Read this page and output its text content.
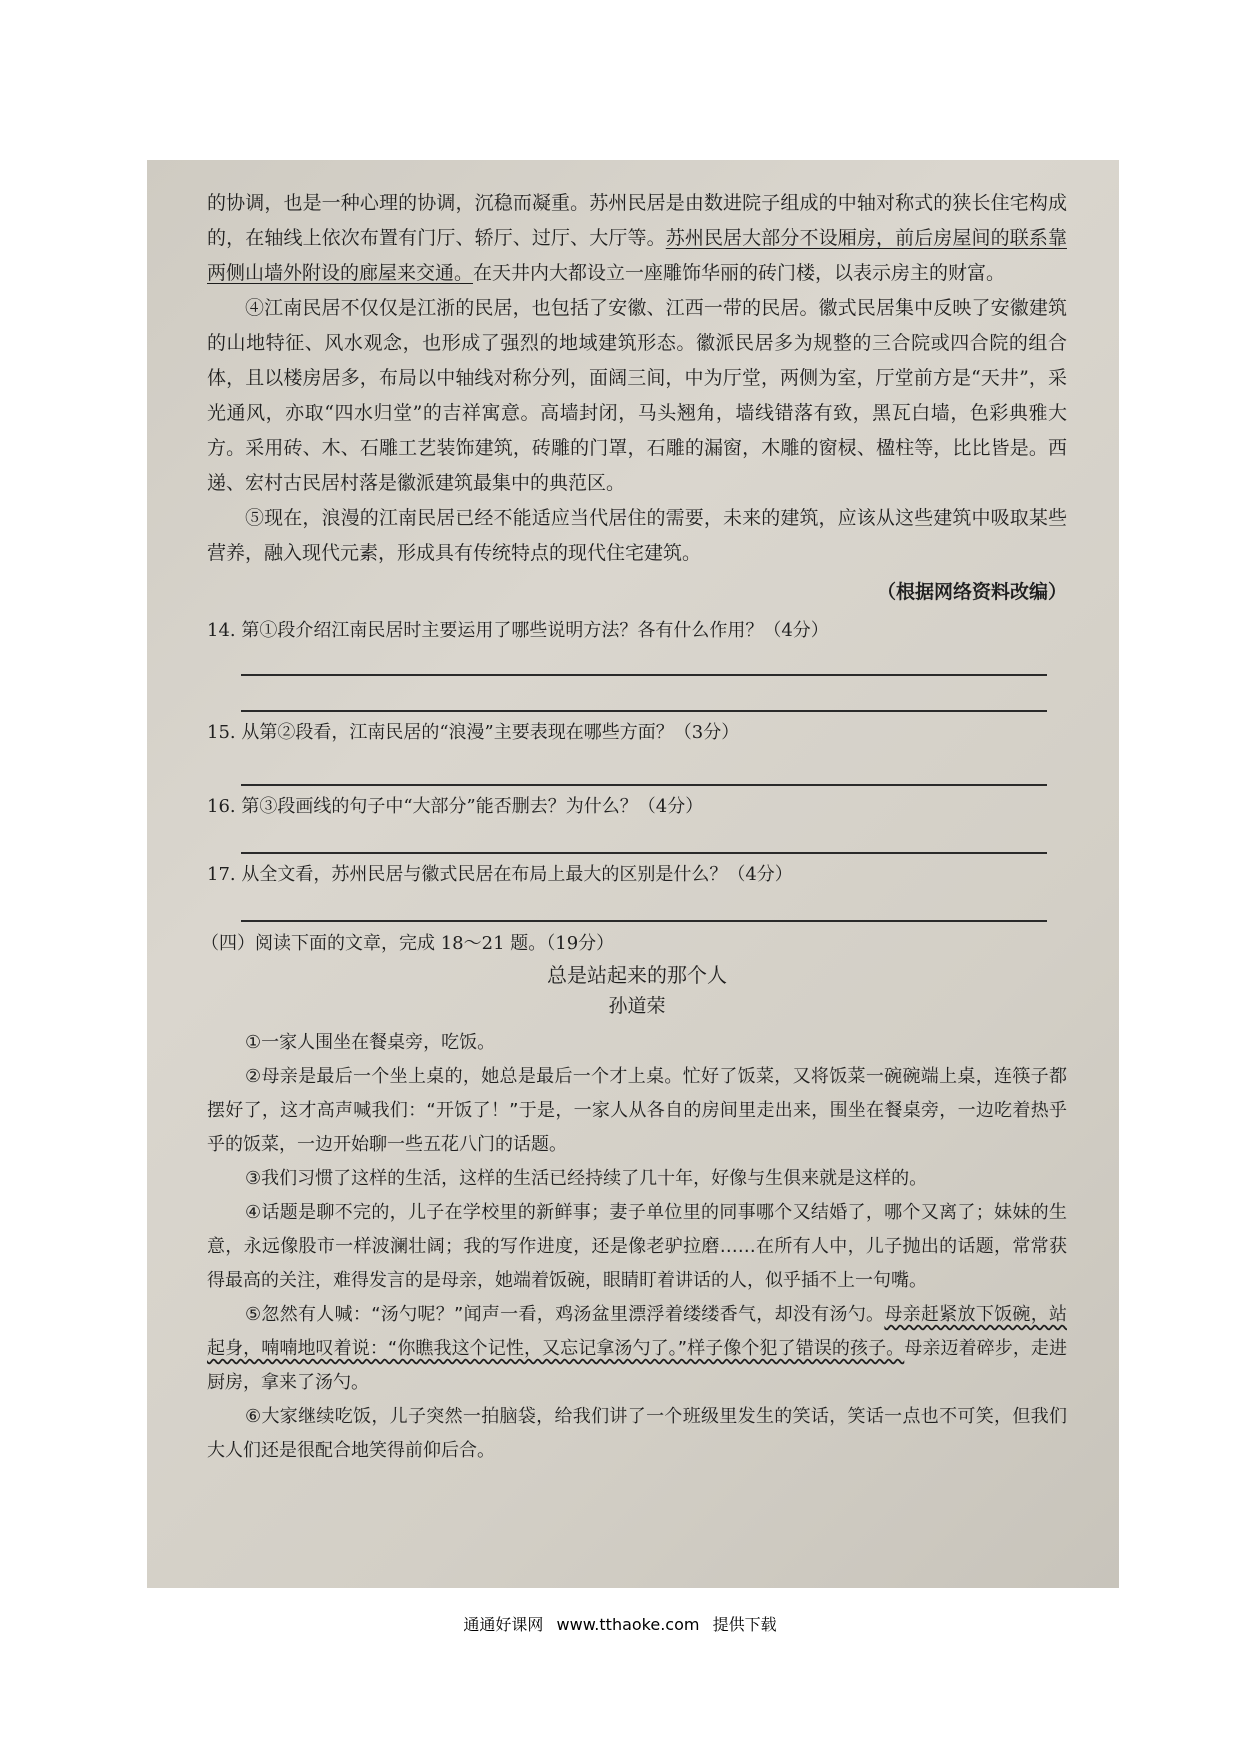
的协调，也是一种心理的协调，沉稳而凝重。苏州民居是由数进院子组成的中轴对称式的狭长住宅构成的，在轴线上依次布置有门厅、轿厅、过厅、大厅等。苏州民居大部分不设厢房，前后房屋间的联系靠两侧山墙外附设的廊屋来交通。在天井内大都设立一座雕饰华丽的砖门楼，以表示房主的财富。

④江南民居不仅仅是江浙的民居，也包括了安徽、江西一带的民居。徽式民居集中反映了安徽建筑的山地特征、风水观念，也形成了强烈的地域建筑形态。徽派民居多为规整的三合院或四合院的组合体，且以楼房居多，布局以中轴线对称分列，面阔三间，中为厅堂，两侧为室，厅堂前方是“天井”，采光通风，亦取“四水归堂”的吉祥寓意。高墙封闭，马头翘角，墙线错落有致，黑瓦白墙，色彩典雅大方。采用砖、木、石雕工艺装饰建筑，砖雕的门罩，石雕的漏窗，木雕的窗棂、楹柱等，比比皆是。西递、宏村古民居村落是徽派建筑最集中的典范区。

⑤现在，浪漫的江南民居已经不能适应当代居住的需要，未来的建筑，应该从这些建筑中吸取某些营养，融入现代元素，形成具有传统特点的现代住宅建筑。

（根据网络资料改编）

14. 第①段介绍江南民居时主要运用了哪些说明方法？各有什么作用？（4分）

15. 从第②段看，江南民居的“浪漫”主要表现在哪些方面？（3分）

16. 第③段画线的句子中“大部分”能否删去？为什么？（4分）

17. 从全文看，苏州民居与徽式民居在布局上最大的区别是什么？（4分）

（四）阅读下面的文章，完成 18～21 题。（19分）

总是站起来的那个人

孙道荣

①一家人围坐在餐桌旁，吃饭。

②母亲是最后一个坐上桌的，她总是最后一个才上桌。忙好了饭菜，又将饭菜一碗碗端上桌，连筷子都摆好了，这才高声喊我们：“开饭了！”于是，一家人从各自的房间里走出来，围坐在餐桌旁，一边吃着热乎乎的饭菜，一边开始聊一些五花八门的话题。

③我们习惯了这样的生活，这样的生活已经持续了几十年，好像与生俱来就是这样的。

④话题是聊不完的，儿子在学校里的新鲜事；妻子单位里的同事哪个又结婚了，哪个又离了；妹妹的生意，永远像股市一样波澜壮阔；我的写作进度，还是像老驴拉磨……在所有人中，儿子抛出的话题，常常获得最高的关注，难得发言的是母亲，她端着饭碗，眼睛盯着讲话的人，似乎插不上一句嘴。

⑤忽然有人喊：“汤勺呢？”闻声一看，鸡汤盆里漂浮着缕缕香气，却没有汤勺。母亲赶紧放下饭碗，站起身，喃喃地叹着说：“你瞧我这个记性，又忘记拿汤勺了。”样子像个犯了错误的孩子。母亲迈着碎步，走进厨房，拿来了汤勺。

⑥大家继续吃饭，儿子突然一拍脑袋，给我们讲了一个班级里发生的笑话，笑话一点也不可笑，但我们大人们还是很配合地笑得前仰后合。

通通好课网 www.tthaoke.com 提供下载
